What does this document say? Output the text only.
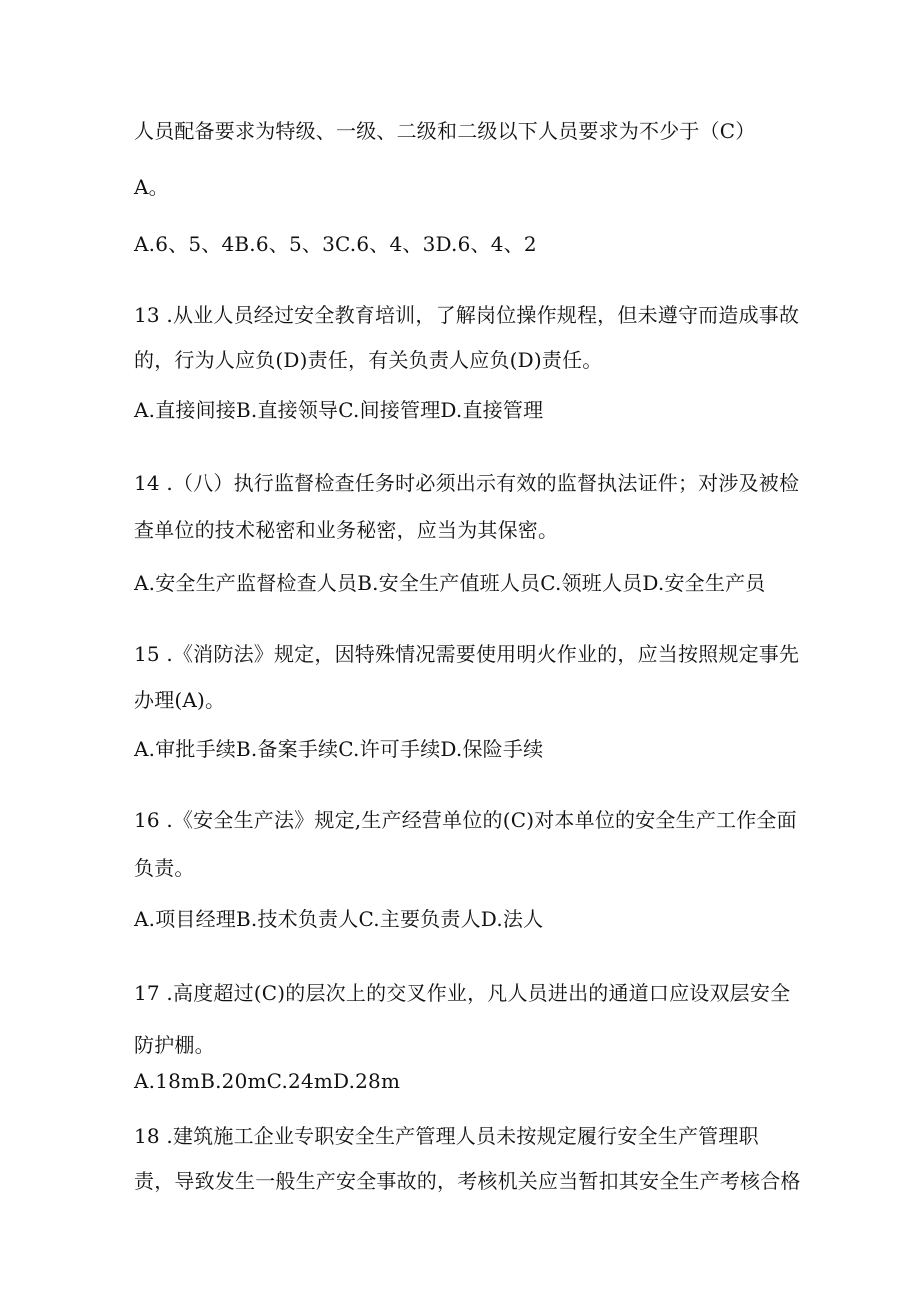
人员配备要求为特级、一级、二级和二级以下人员要求为不少于（C）
A。
A.6、5、4B.6、5、3C.6、4、3D.6、4、2
13 .从业人员经过安全教育培训，了解岗位操作规程，但未遵守而造成事故
的，行为人应负(D)责任，有关负责人应负(D)责任。
A.直接间接B.直接领导C.间接管理D.直接管理
14 .（八）执行监督检查任务时必须出示有效的监督执法证件；对涉及被检
查单位的技术秘密和业务秘密，应当为其保密。
A.安全生产监督检查人员B.安全生产值班人员C.领班人员D.安全生产员
15 .《消防法》规定，因特殊情况需要使用明火作业的，应当按照规定事先
办理(A)。
A.审批手续B.备案手续C.许可手续D.保险手续
16 .《安全生产法》规定,生产经营单位的(C)对本单位的安全生产工作全面
负责。
A.项目经理B.技术负责人C.主要负责人D.法人
17 .高度超过(C)的层次上的交叉作业，凡人员进出的通道口应设双层安全
防护棚。
A.18mB.20mC.24mD.28m
18 .建筑施工企业专职安全生产管理人员未按规定履行安全生产管理职
责，导致发生一般生产安全事故的，考核机关应当暂扣其安全生产考核合格
